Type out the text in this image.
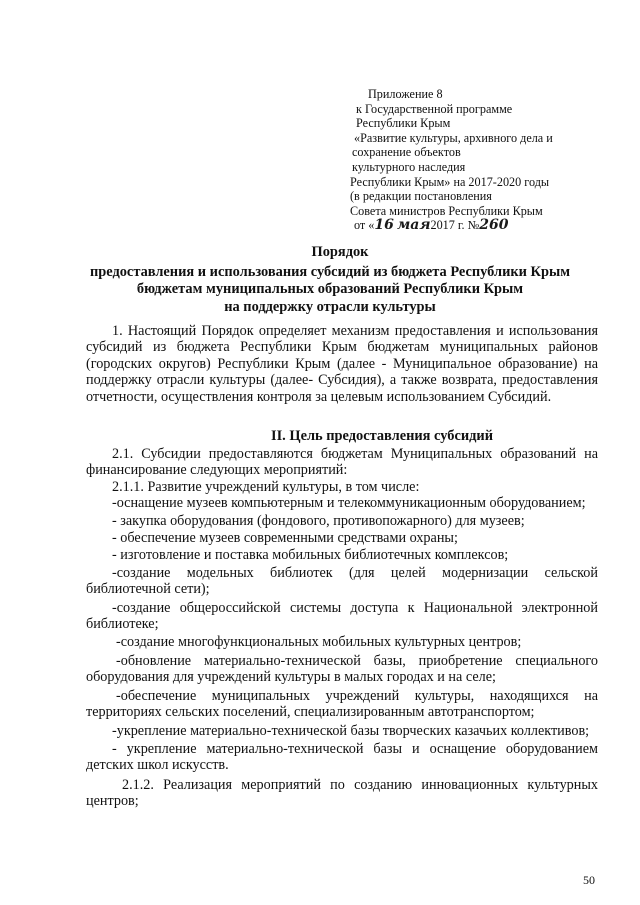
Приложение 8
к Государственной программе
Республики Крым
«Развитие культуры, архивного дела и
сохранение объектов
культурного наследия
Республики Крым» на 2017-2020 годы
(в редакции постановления
Совета министров Республики Крым
от «16 мая2017 г. №260
Порядок
предоставления и использования субсидий из бюджета Республики Крым
бюджетам муниципальных образований Республики Крым
на поддержку отрасли культуры

1. Настоящий Порядок определяет механизм предоставления и использования субсидий из бюджета Республики Крым бюджетам муниципальных районов (городских округов) Республики Крым (далее - Муниципальное образование) на поддержку отрасли культуры (далее- Субсидия), а также возврата, предоставления отчетности, осуществления контроля за целевым использованием Субсидий.

II. Цель предоставления субсидий

2.1. Субсидии предоставляются бюджетам Муниципальных образований на финансирование следующих мероприятий:

2.1.1. Развитие учреждений культуры, в том числе:

-оснащение музеев компьютерным и телекоммуникационным оборудованием;

- закупка оборудования (фондового, противопожарного) для музеев;

- обеспечение музеев современными средствами охраны;

- изготовление и поставка мобильных библиотечных комплексов;

-создание модельных библиотек (для целей модернизации сельской библиотечной сети);

-создание общероссийской системы доступа к Национальной электронной библиотеке;

-создание многофункциональных мобильных культурных центров;

-обновление материально-технической базы, приобретение специального оборудования для учреждений культуры в малых городах и на селе;

-обеспечение муниципальных учреждений культуры, находящихся на территориях сельских поселений, специализированным автотранспортом;

-укрепление материально-технической базы творческих казачьих коллективов;

- укрепление материально-технической базы и оснащение оборудованием детских школ искусств.

2.1.2. Реализация мероприятий по созданию инновационных культурных центров;

50
